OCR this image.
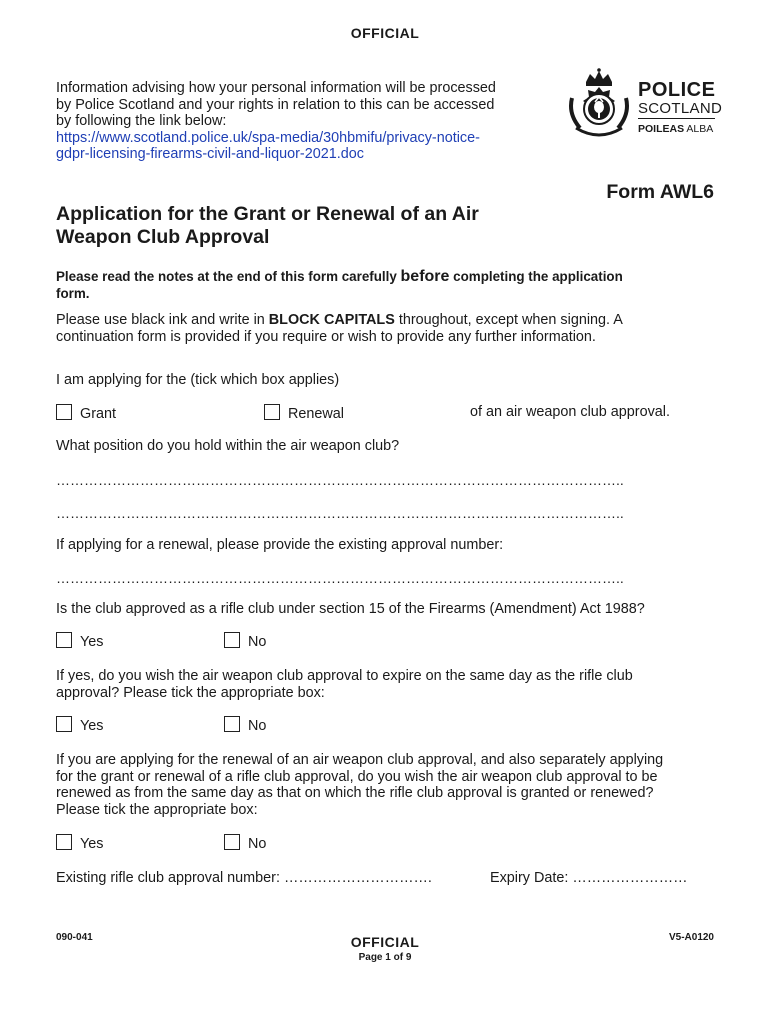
OFFICIAL
Information advising how your personal information will be processed
by Police Scotland and your rights in relation to this can be accessed
by following the link below:
https://www.scotland.police.uk/spa-media/30hbmifu/privacy-notice-
gdpr-licensing-firearms-civil-and-liquor-2021.doc
POLICE
SCOTLAND
POILEAS ALBA
Form AWL6
Application for the Grant or Renewal of an Air
Weapon Club Approval
Please read the notes at the end of this form carefully before completing the application
form.
Please use black ink and write in BLOCK CAPITALS throughout, except when signing. A
continuation form is provided if you require or wish to provide any further information.
I am applying for the (tick which box applies)
Grant	Renewal	of an air weapon club approval.
What position do you hold within the air weapon club?
…………………………………………………………………………………………………………..
…………………………………………………………………………………………………………..
If applying for a renewal, please provide the existing approval number:
…………………………………………………………………………………………………………..
Is the club approved as a rifle club under section 15 of the Firearms (Amendment) Act 1988?
Yes	No
If yes, do you wish the air weapon club approval to expire on the same day as the rifle club
approval? Please tick the appropriate box:
Yes	No
If you are applying for the renewal of an air weapon club approval, and also separately applying
for the grant or renewal of a rifle club approval, do you wish the air weapon club approval to be
renewed as from the same day as that on which the rifle club approval is granted or renewed?
Please tick the appropriate box:
Yes	No
Existing rifle club approval number: ………………………….	Expiry Date: ……………………
090-041	OFFICIAL
Page 1 of 9
V5-A0120
